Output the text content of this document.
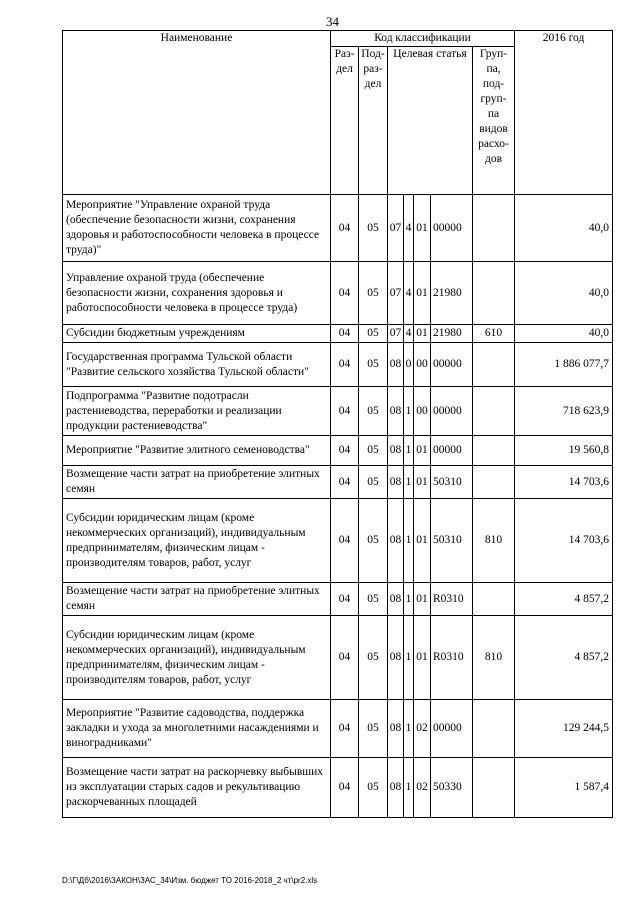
34
Наименование	Код классификации							2016 год
	Раз-дел	Под-раз-дел	Целевая статья				Груп-па, под-груп-па видов расхо-дов	
Мероприятие "Управление охраной труда (обеспечение безопасности жизни, сохранения здоровья и работоспособности человека в процессе труда)"	04	05	07	4	01	00000		40,0
Управление охраной труда (обеспечение безопасности жизни, сохранения здоровья и работоспособности человека в процессе труда)	04	05	07	4	01	21980		40,0
Субсидии бюджетным учреждениям	04	05	07	4	01	21980	610	40,0
Государственная программа Тульской области "Развитие сельского хозяйства Тульской области"	04	05	08	0	00	00000		1 886 077,7
Подпрограмма "Развитие подотрасли растениеводства, переработки и реализации продукции растениеводства"	04	05	08	1	00	00000		718 623,9
Мероприятие "Развитие элитного семеноводства"	04	05	08	1	01	00000		19 560,8
Возмещение части затрат на приобретение элитных семян	04	05	08	1	01	50310		14 703,6
Субсидии юридическим лицам (кроме некоммерческих организаций), индивидуальным предпринимателям, физическим лицам - производителям товаров, работ, услуг	04	05	08	1	01	50310	810	14 703,6
Возмещение части затрат на приобретение элитных семян	04	05	08	1	01	R0310		4 857,2
Субсидии юридическим лицам (кроме некоммерческих организаций), индивидуальным предпринимателям, физическим лицам - производителям товаров, работ, услуг	04	05	08	1	01	R0310	810	4 857,2
Мероприятие "Развитие садоводства, поддержка закладки и ухода за многолетними насаждениями и виноградниками"	04	05	08	1	02	00000		129 244,5
Возмещение части затрат на раскорчевку выбывших из эксплуатации старых садов и рекультивацию раскорчеванных площадей	04	05	08	1	02	50330		1 587,4
D:\Г\Дб\2016\ЗАКОН\ЗАС_34\Изм. бюджет ТО 2016-2018_2 чт\pr2.xls
